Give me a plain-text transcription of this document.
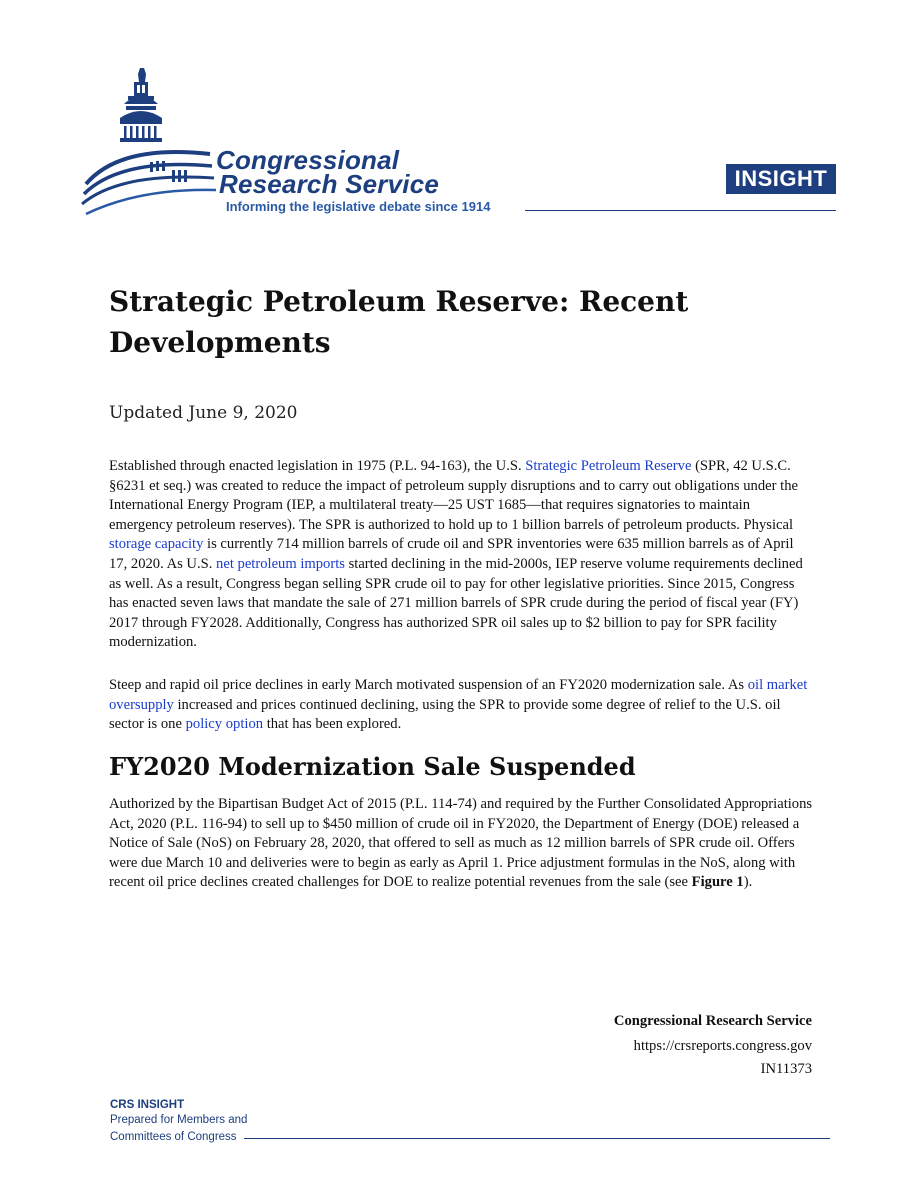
Congressional
Research Service
Informing the legislative debate since 1914
INSIGHT
Strategic Petroleum Reserve: Recent Developments
Updated June 9, 2020
Established through enacted legislation in 1975 (P.L. 94-163), the U.S. Strategic Petroleum Reserve (SPR, 42 U.S.C. §6231 et seq.) was created to reduce the impact of petroleum supply disruptions and to carry out obligations under the International Energy Program (IEP, a multilateral treaty—25 UST 1685—that requires signatories to maintain emergency petroleum reserves). The SPR is authorized to hold up to 1 billion barrels of petroleum products. Physical storage capacity is currently 714 million barrels of crude oil and SPR inventories were 635 million barrels as of April 17, 2020. As U.S. net petroleum imports started declining in the mid-2000s, IEP reserve volume requirements declined as well. As a result, Congress began selling SPR crude oil to pay for other legislative priorities. Since 2015, Congress has enacted seven laws that mandate the sale of 271 million barrels of SPR crude during the period of fiscal year (FY) 2017 through FY2028. Additionally, Congress has authorized SPR oil sales up to $2 billion to pay for SPR facility modernization.
Steep and rapid oil price declines in early March motivated suspension of an FY2020 modernization sale. As oil market oversupply increased and prices continued declining, using the SPR to provide some degree of relief to the U.S. oil sector is one policy option that has been explored.
FY2020 Modernization Sale Suspended
Authorized by the Bipartisan Budget Act of 2015 (P.L. 114-74) and required by the Further Consolidated Appropriations Act, 2020 (P.L. 116-94) to sell up to $450 million of crude oil in FY2020, the Department of Energy (DOE) released a Notice of Sale (NoS) on February 28, 2020, that offered to sell as much as 12 million barrels of SPR crude oil. Offers were due March 10 and deliveries were to begin as early as April 1. Price adjustment formulas in the NoS, along with recent oil price declines created challenges for DOE to realize potential revenues from the sale (see Figure 1).
Congressional Research Service
https://crsreports.congress.gov
IN11373
CRS INSIGHT
Prepared for Members and
Committees of Congress
